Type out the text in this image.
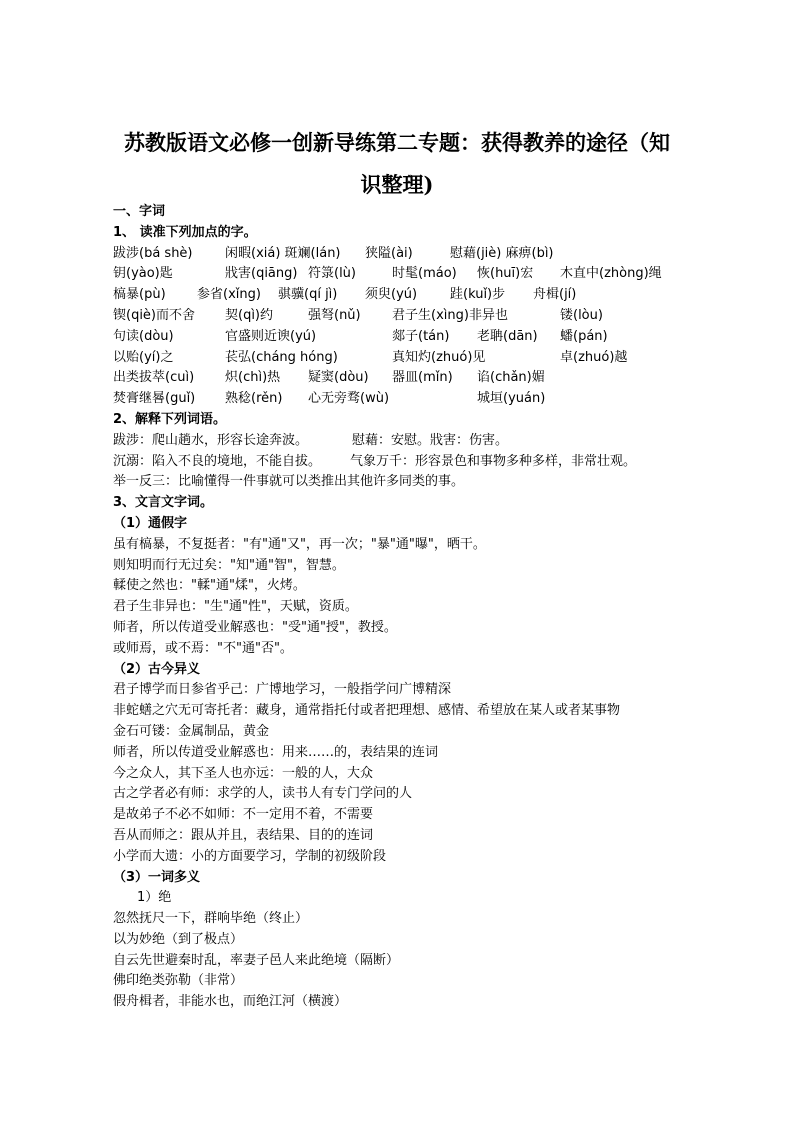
苏教版语文必修一创新导练第二专题：获得教养的途径（知
识整理)
一、字词
1、 读准下列加点的字。
跋涉(bá shè) 闲暇(xiá) 斑斓(lán) 狭隘(ài)	慰藉(jiè) 麻痹(bì)
钥(yào)匙	戕害(qiāng) 符箓(lù)	时髦(máo) 恢(huī)宏 木直中(zhòng)绳
槁暴(pù) 参省(xǐng) 骐骥(qí jì) 须臾(yú)	跬(kuǐ)步 舟楫(jí)
锲(qiè)而不舍 契(qì)约	强弩(nǔ) 君子生(xìng)非异也	镂(lòu)
句读(dòu)	官盛则近谀(yú)	郯子(tán) 老聃(dān) 蟠(pán)
以贻(yí)之	苌弘(cháng hóng)	真知灼(zhuó)见	卓(zhuó)越
出类拔萃(cuì) 炽(chì)热 疑窦(dòu) 器皿(mǐn) 谄(chǎn)媚
焚膏继晷(guǐ) 熟稔(rěn) 心无旁骛(wù)	城垣(yuán)
2、解释下列词语。
跋涉：爬山趟水，形容长途奔波。	慰藉：安慰。戕害：伤害。
沉溺：陷入不良的境地，不能自拔。 气象万千：形容景色和事物多种多样，非常壮观。
举一反三：比喻懂得一件事就可以类推出其他许多同类的事。
3、文言文字词。
（1）通假字
虽有槁暴，不复挺者："有"通"又"，再一次；"暴"通"曝"，晒干。
则知明而行无过矣："知"通"智"，智慧。
輮使之然也："輮"通"煣"，火烤。
君子生非异也："生"通"性"，天赋，资质。
师者，所以传道受业解惑也："受"通"授"，教授。
或师焉，或不焉："不"通"否"。
（2）古今异义
君子博学而日参省乎己：广博地学习，一般指学问广博精深
非蛇蟮之穴无可寄托者：藏身，通常指托付或者把理想、感情、希望放在某人或者某事物
金石可镂：金属制品，黄金
师者，所以传道受业解惑也：用来……的，表结果的连词
今之众人，其下圣人也亦远：一般的人，大众
古之学者必有师：求学的人，读书人有专门学问的人
是故弟子不必不如师：不一定用不着，不需要
吾从而师之：跟从并且，表结果、目的的连词
小学而大遗：小的方面要学习，学制的初级阶段
（3）一词多义
1）绝
忽然抚尺一下，群响毕绝（终止）
以为妙绝（到了极点）
自云先世避秦时乱，率妻子邑人来此绝境（隔断）
佛印绝类弥勒（非常）
假舟楫者，非能水也，而绝江河（横渡）
